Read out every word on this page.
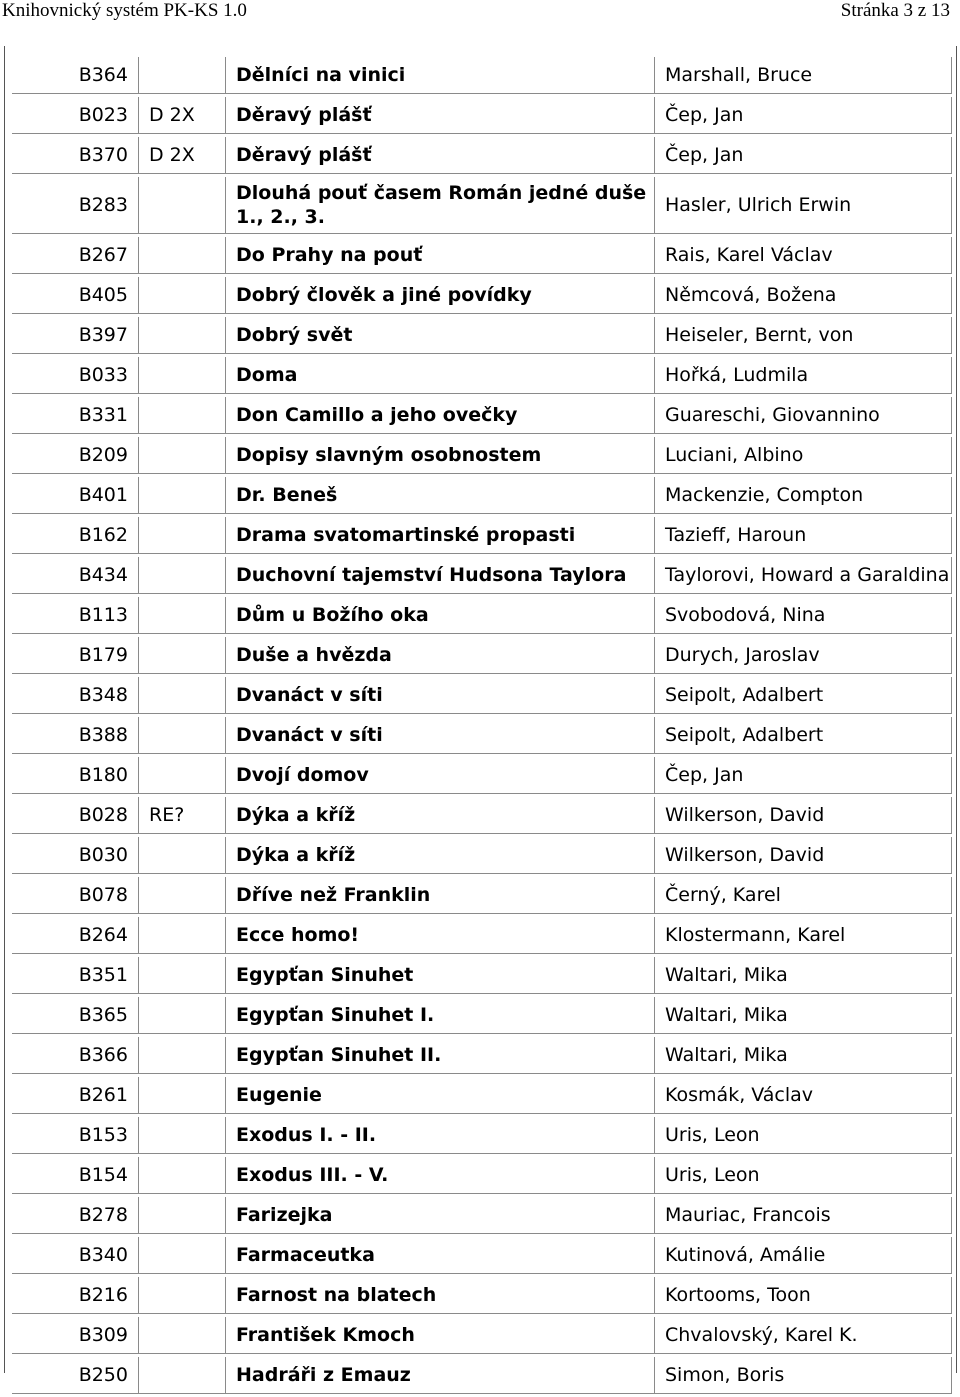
Knihovnický systém PK-KS 1.0	Stránka 3 z 13
B364		Dělníci na vinici	Marshall, Bruce
B023	D 2X	Děravý plášť	Čep, Jan
B370	D 2X	Děravý plášť	Čep, Jan
B283		Dlouhá pouť časem Román jedné duše 1., 2., 3.	Hasler, Ulrich Erwin
B267		Do Prahy na pouť	Rais, Karel Václav
B405		Dobrý člověk a jiné povídky	Němcová, Božena
B397		Dobrý svět	Heiseler, Bernt, von
B033		Doma	Hořká, Ludmila
B331		Don Camillo a jeho ovečky	Guareschi, Giovannino
B209		Dopisy slavným osobnostem	Luciani, Albino
B401		Dr. Beneš	Mackenzie, Compton
B162		Drama svatomartinské propasti	Tazieff, Haroun
B434		Duchovní tajemství Hudsona Taylora	Taylorovi, Howard a Garaldina
B113		Dům u Božího oka	Svobodová, Nina
B179		Duše a hvězda	Durych, Jaroslav
B348		Dvanáct v síti	Seipolt, Adalbert
B388		Dvanáct v síti	Seipolt, Adalbert
B180		Dvojí domov	Čep, Jan
B028	RE?	Dýka a kříž	Wilkerson, David
B030		Dýka a kříž	Wilkerson, David
B078		Dříve než Franklin	Černý, Karel
B264		Ecce homo!	Klostermann, Karel
B351		Egypťan Sinuhet	Waltari, Mika
B365		Egypťan Sinuhet I.	Waltari, Mika
B366		Egypťan Sinuhet II.	Waltari, Mika
B261		Eugenie	Kosmák, Václav
B153		Exodus I. - II.	Uris, Leon
B154		Exodus III. - V.	Uris, Leon
B278		Farizejka	Mauriac, Francois
B340		Farmaceutka	Kutinová, Amálie
B216		Farnost na blatech	Kortooms, Toon
B309		František Kmoch	Chvalovský, Karel K.
B250		Hadráři z Emauz	Simon, Boris
